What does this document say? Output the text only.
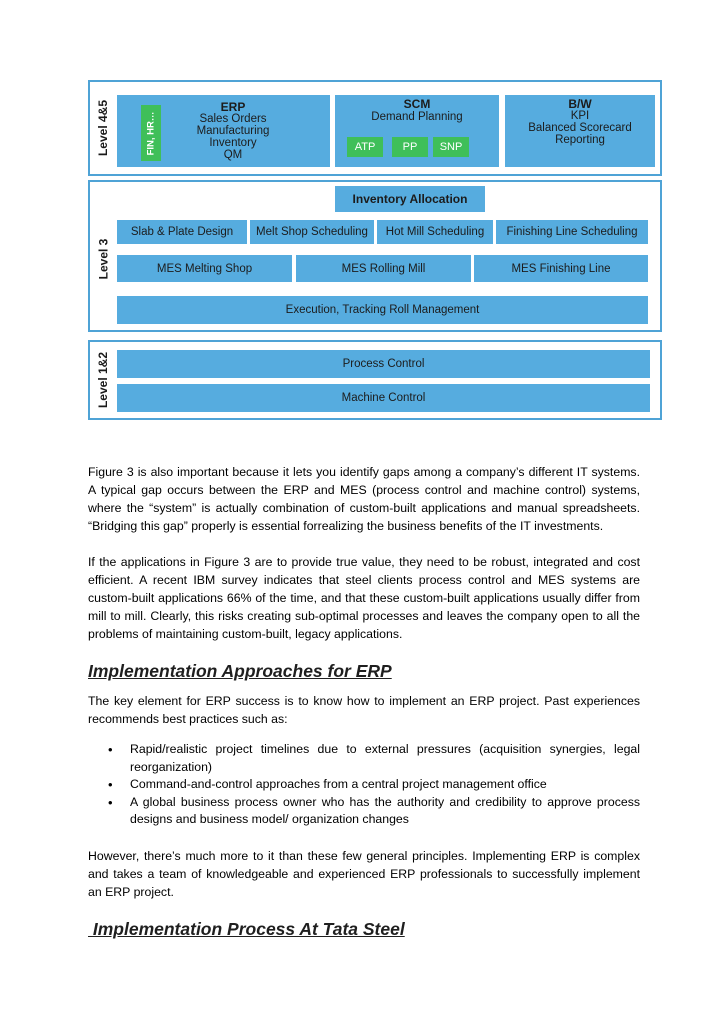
Level 4&5	FIN, HR…
ERP
Sales Orders
Manufacturing
Inventory
QM
SCM
Demand Planning
ATP PP SNP
B/W
KPI
Balanced Scorecard
Reporting
Level 3
Inventory Allocation
Slab & Plate Design Melt Shop Scheduling Hot Mill Scheduling Finishing Line Scheduling
MES Melting Shop	MES Rolling Mill	MES Finishing Line
Execution, Tracking Roll Management
Level 1&2	Process Control
Machine Control

Figure 3 is also important because it lets you identify gaps among a company’s different IT systems. A typical gap occurs between the ERP and MES (process control and machine control) systems, where the “system” is actually combination of custom-built applications and manual spreadsheets. “Bridging this gap” properly is essential forrealizing the business benefits of the IT investments.

If the applications in Figure 3 are to provide true value, they need to be robust, integrated and cost efficient. A recent IBM survey indicates that steel clients process control and MES systems are custom-built applications 66% of the time, and that these custom-built applications usually differ from mill to mill. Clearly, this risks creating sub-optimal processes and leaves the company open to all the problems of maintaining custom-built, legacy applications.

Implementation Approaches for ERP

The key element for ERP success is to know how to implement an ERP project. Past experiences recommends best practices such as:

• Rapid/realistic project timelines due to external pressures (acquisition synergies, legal reorganization)
• Command-and-control approaches from a central project management office
• A global business process owner who has the authority and credibility to approve process designs and business model/ organization changes

However, there’s much more to it than these few general principles. Implementing ERP is complex and takes a team of knowledgeable and experienced ERP professionals to successfully implement an ERP project.

Implementation Process At Tata Steel
